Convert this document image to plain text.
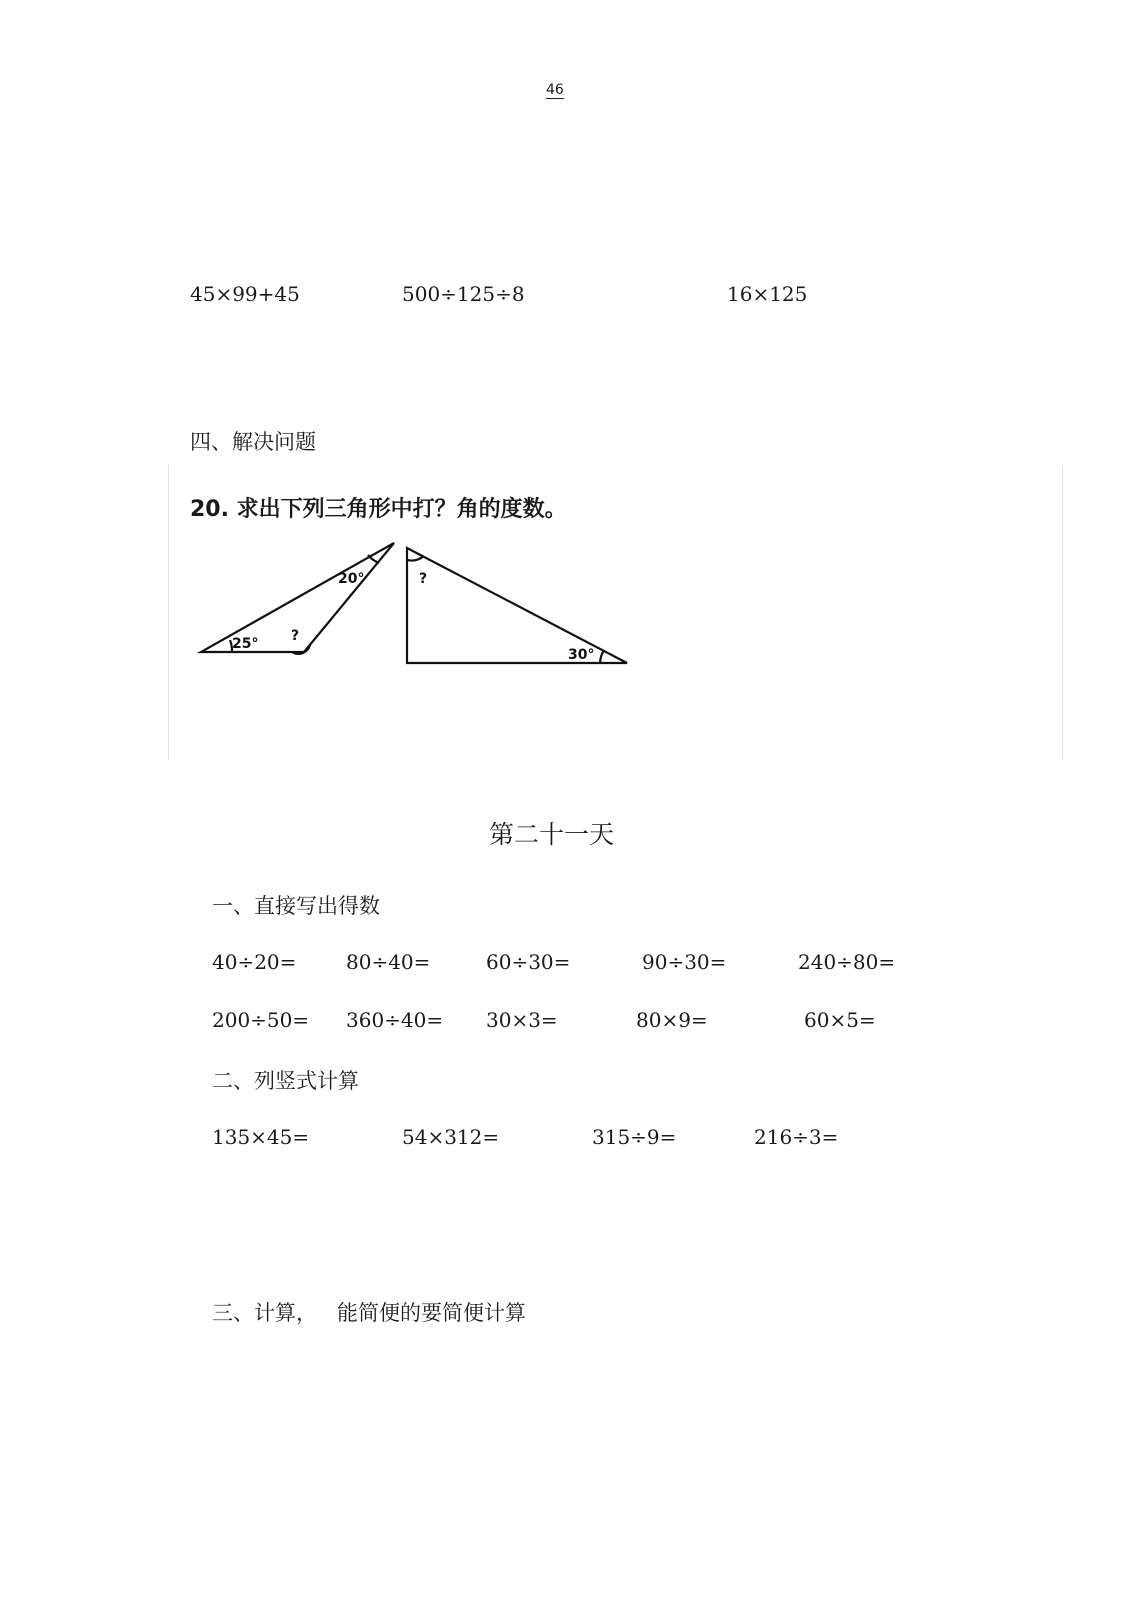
46
45×99+45	500÷125÷8	16×125
四、解决问题
20. 求出下列三角形中打？角的度数。
25°
20°
?
?
30°
第二十一天
一、直接写出得数
40÷20= 80÷40=	60÷30=	90÷30=	240÷80=
200÷50= 360÷40= 30×3=	80×9=	60×5=
二、列竖式计算
135×45=	54×312=	315÷9=	216÷3=
三、计算，   能简便的要简便计算
